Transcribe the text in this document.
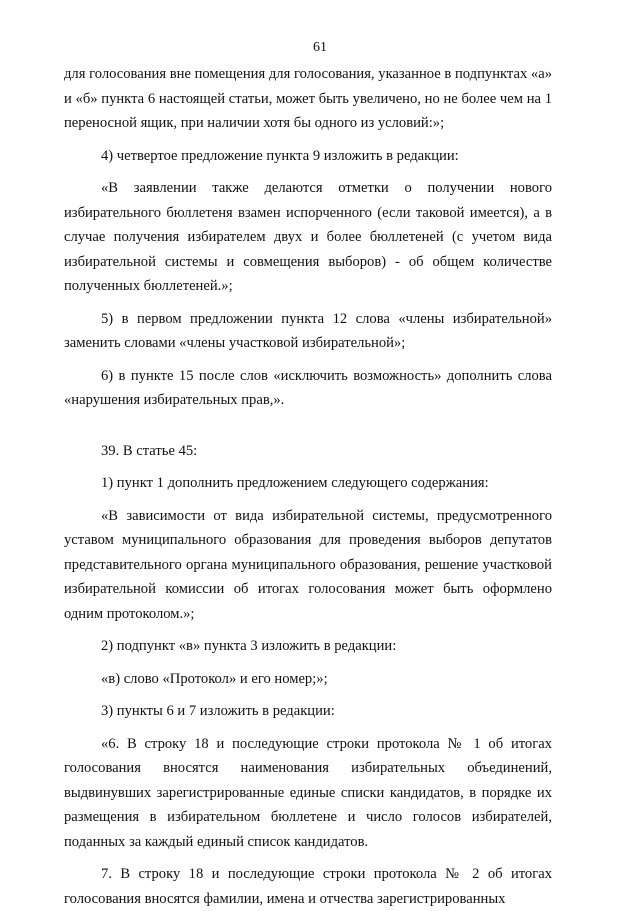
61

для голосования вне помещения для голосования, указанное в подпунктах «а» и «б» пункта 6 настоящей статьи, может быть увеличено, но не более чем на 1 переносной ящик, при наличии хотя бы одного из условий:»;

4) четвертое предложение пункта 9 изложить в редакции:

«В заявлении также делаются отметки о получении нового избирательного бюллетеня взамен испорченного (если таковой имеется), а в случае получения избирателем двух и более бюллетеней (с учетом вида избирательной системы и совмещения выборов) - об общем количестве полученных бюллетеней.»;

5) в первом предложении пункта 12 слова «члены избирательной» заменить словами «члены участковой избирательной»;

6) в пункте 15 после слов «исключить возможность» дополнить слова «нарушения избирательных прав,».

39. В статье 45:

1) пункт 1 дополнить предложением следующего содержания:

«В зависимости от вида избирательной системы, предусмотренного уставом муниципального образования для проведения выборов депутатов представительного органа муниципального образования, решение участковой избирательной комиссии об итогах голосования может быть оформлено одним протоколом.»;

2) подпункт «в» пункта 3 изложить в редакции:

«в) слово «Протокол» и его номер;»;

3) пункты 6 и 7 изложить в редакции:

«6. В строку 18 и последующие строки протокола № 1 об итогах голосования вносятся наименования избирательных объединений, выдвинувших зарегистрированные единые списки кандидатов, в порядке их размещения в избирательном бюллетене и число голосов избирателей, поданных за каждый единый список кандидатов.

7. В строку 18 и последующие строки протокола № 2 об итогах голосования вносятся фамилии, имена и отчества зарегистрированных
